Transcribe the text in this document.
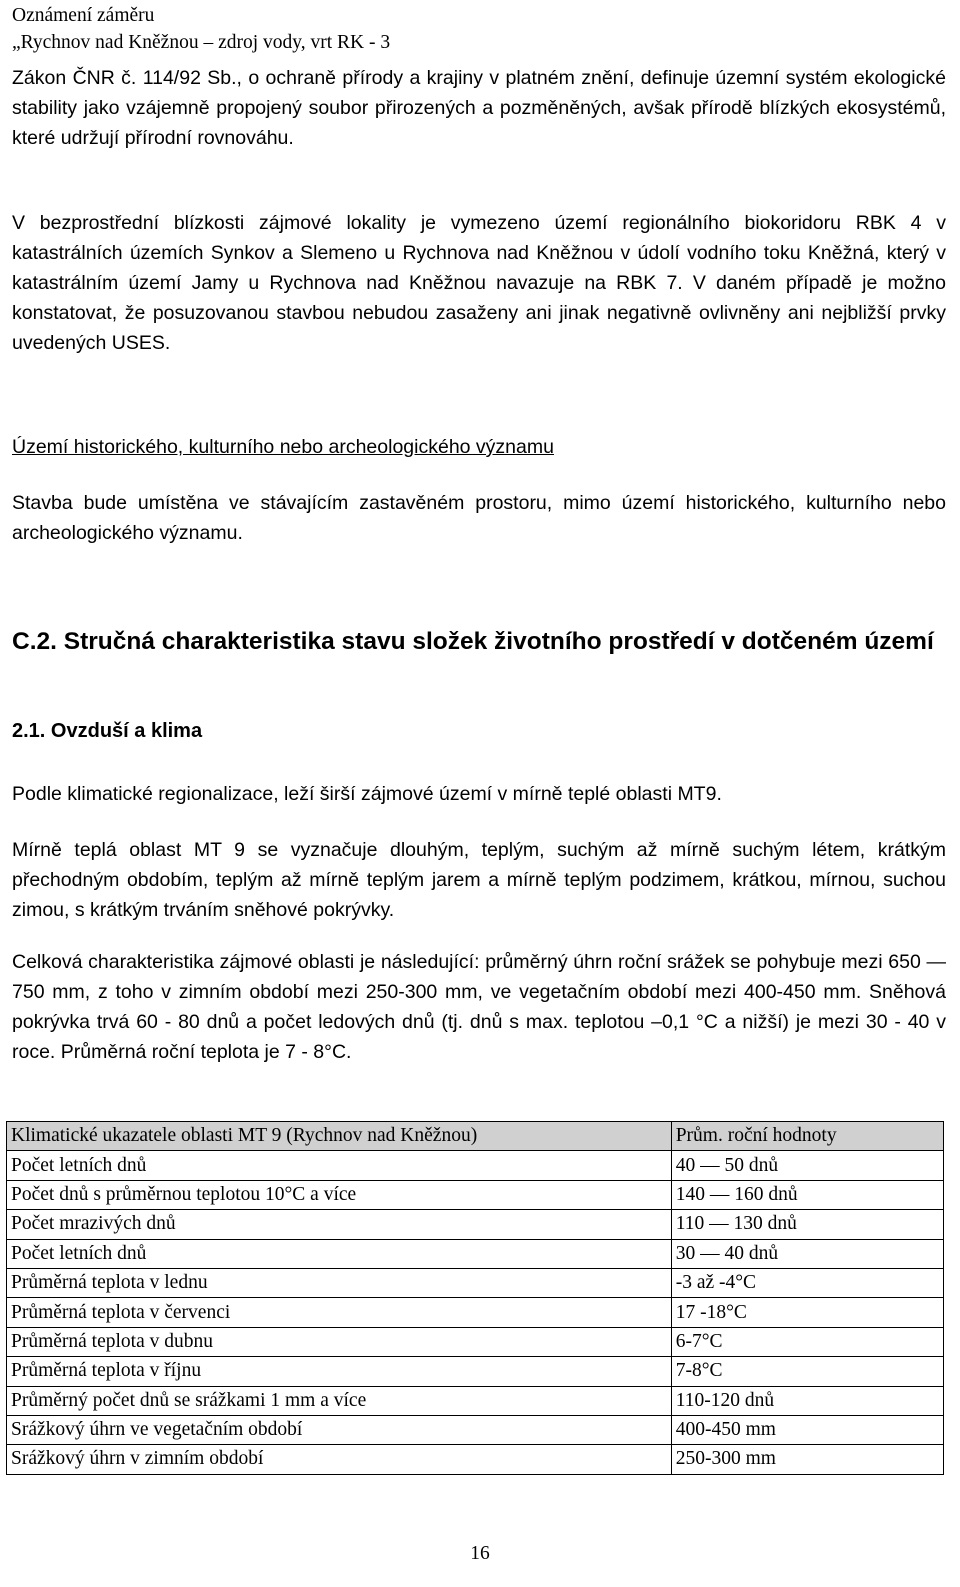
Oznámení záměru
„Rychnov nad Kněžnou – zdroj vody, vrt RK - 3

Zákon ČNR č. 114/92 Sb., o ochraně přírody a krajiny v platném znění, definuje územní systém ekologické stability jako vzájemně propojený soubor přirozených a pozměněných, avšak přírodě blízkých ekosystémů, které udržují přírodní rovnováhu.

V bezprostřední blízkosti zájmové lokality je vymezeno území regionálního biokoridoru RBK 4 v katastrálních územích Synkov a Slemeno u Rychnova nad Kněžnou v údolí vodního toku Kněžná, který v katastrálním území Jamy u Rychnova nad Kněžnou navazuje na RBK 7. V daném případě je možno konstatovat, že posuzovanou stavbou nebudou zasaženy ani jinak negativně ovlivněny ani nejbližší prvky uvedených USES.

Území historického, kulturního nebo archeologického významu

Stavba bude umístěna ve stávajícím zastavěném prostoru, mimo území historického, kulturního nebo archeologického významu.

C.2. Stručná charakteristika stavu složek životního prostředí v dotčeném území
2.1. Ovzduší a klima

Podle klimatické regionalizace, leží širší zájmové území v mírně teplé oblasti MT9.

Mírně teplá oblast MT 9 se vyznačuje dlouhým, teplým, suchým až mírně suchým létem, krátkým přechodným obdobím, teplým až mírně teplým jarem a mírně teplým podzimem, krátkou, mírnou, suchou zimou, s krátkým trváním sněhové pokrývky.

Celková charakteristika zájmové oblasti je následující: průměrný úhrn roční srážek se pohybuje mezi 650 — 750 mm, z toho v zimním období mezi 250-300 mm, ve vegetačním období mezi 400-450 mm. Sněhová pokrývka trvá 60 - 80 dnů a počet ledových dnů (tj. dnů s max. teplotou –0,1 °C a nižší) je mezi 30 - 40 v roce. Průměrná roční teplota je 7 - 8°C.

Klimatické ukazatele oblasti MT 9 (Rychnov nad Kněžnou)	Prům. roční hodnoty
Počet letních dnů	40 — 50 dnů
Počet dnů s průměrnou teplotou 10°C a více	140 — 160 dnů
Počet mrazivých dnů	110 — 130 dnů
Počet letních dnů	30 — 40 dnů
Průměrná teplota v lednu	-3 až -4°C
Průměrná teplota v červenci	17 -18°C
Průměrná teplota v dubnu	6-7°C
Průměrná teplota v říjnu	7-8°C
Průměrný počet dnů se srážkami 1 mm a více	110-120 dnů
Srážkový úhrn ve vegetačním období	400-450 mm
Srážkový úhrn v zimním období	250-300 mm
16
